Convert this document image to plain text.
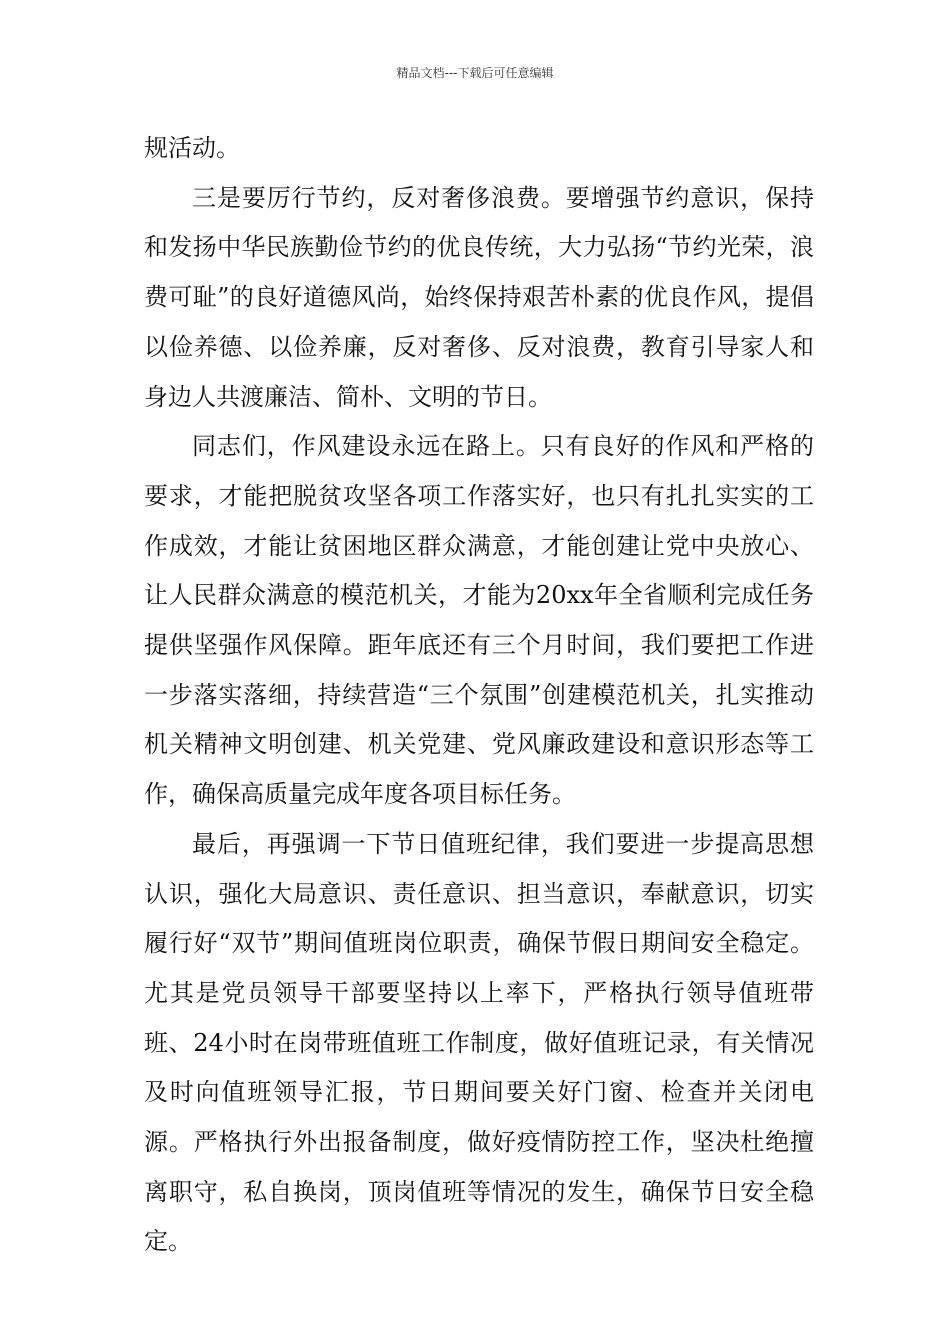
精品文档---下载后可任意编辑

规活动。

三是要厉行节约，反对奢侈浪费。要增强节约意识，保持和发扬中华民族勤俭节约的优良传统，大力弘扬“节约光荣，浪费可耻”的良好道德风尚，始终保持艰苦朴素的优良作风，提倡以俭养德、以俭养廉，反对奢侈、反对浪费，教育引导家人和身边人共渡廉洁、简朴、文明的节日。

同志们，作风建设永远在路上。只有良好的作风和严格的要求，才能把脱贫攻坚各项工作落实好，也只有扎扎实实的工作成效，才能让贫困地区群众满意，才能创建让党中央放心、让人民群众满意的模范机关，才能为20xx年全省顺利完成任务提供坚强作风保障。距年底还有三个月时间，我们要把工作进一步落实落细，持续营造“三个氛围”创建模范机关，扎实推动机关精神文明创建、机关党建、党风廉政建设和意识形态等工作，确保高质量完成年度各项目标任务。

最后，再强调一下节日值班纪律，我们要进一步提高思想认识，强化大局意识、责任意识、担当意识，奉献意识，切实履行好“双节”期间值班岗位职责，确保节假日期间安全稳定。尤其是党员领导干部要坚持以上率下，严格执行领导值班带班、24小时在岗带班值班工作制度，做好值班记录，有关情况及时向值班领导汇报，节日期间要关好门窗、检查并关闭电源。严格执行外出报备制度，做好疫情防控工作，坚决杜绝擅离职守，私自换岗，顶岗值班等情况的发生，确保节日安全稳定。
